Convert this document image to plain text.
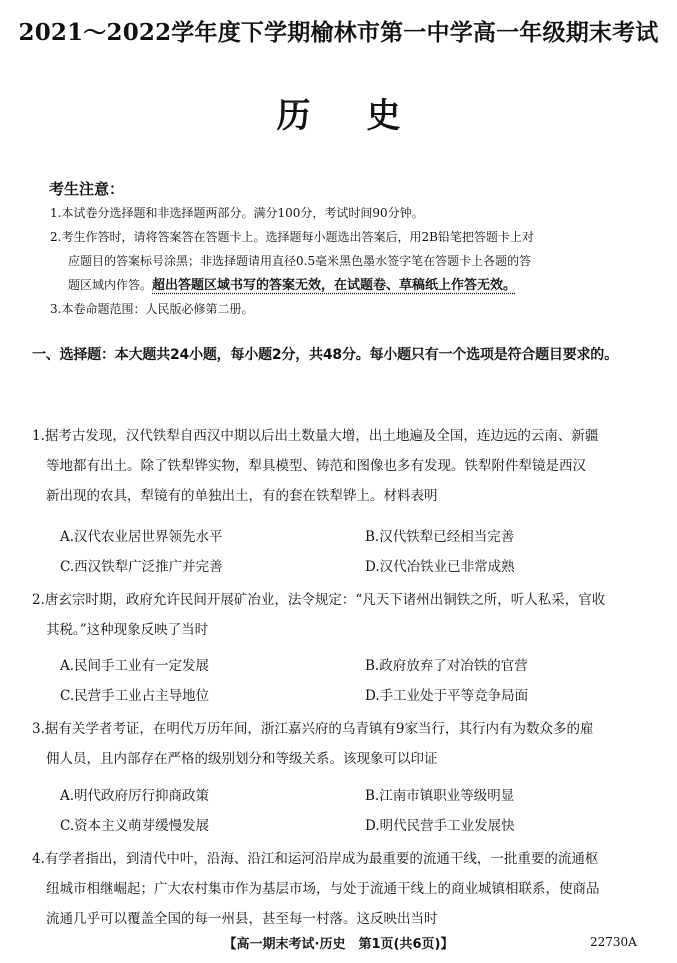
2021～2022学年度下学期榆林市第一中学高一年级期末考试
历史
考生注意：
1.本试卷分选择题和非选择题两部分。满分100分，考试时间90分钟。
2.考生作答时，请将答案答在答题卡上。选择题每小题选出答案后，用2B铅笔把答题卡上对
应题目的答案标号涂黑；非选择题请用直径0.5毫米黑色墨水签字笔在答题卡上各题的答
题区域内作答。超出答题区域书写的答案无效，在试题卷、草稿纸上作答无效。
3.本卷命题范围：人民版必修第二册。
一、选择题：本大题共24小题，每小题2分，共48分。每小题只有一个选项是符合题目要求的。
1.据考古发现，汉代铁犁自西汉中期以后出土数量大增，出土地遍及全国，连边远的云南、新疆
等地都有出土。除了铁犁铧实物，犁具模型、铸范和图像也多有发现。铁犁附件犁镜是西汉
新出现的农具，犁镜有的单独出土，有的套在铁犁铧上。材料表明
A.汉代农业居世界领先水平	B.汉代铁犁已经相当完善
C.西汉铁犁广泛推广并完善	D.汉代冶铁业已非常成熟
2.唐玄宗时期，政府允许民间开展矿冶业，法令规定：“凡天下诸州出铜铁之所，听人私采，官收
其税。”这种现象反映了当时
A.民间手工业有一定发展	B.政府放弃了对冶铁的官营
C.民营手工业占主导地位	D.手工业处于平等竞争局面
3.据有关学者考证，在明代万历年间，浙江嘉兴府的乌青镇有9家当行，其行内有为数众多的雇
佣人员，且内部存在严格的级别划分和等级关系。该现象可以印证
A.明代政府厉行抑商政策	B.江南市镇职业等级明显
C.资本主义萌芽缓慢发展	D.明代民营手工业发展快
4.有学者指出，到清代中叶，沿海、沿江和运河沿岸成为最重要的流通干线，一批重要的流通枢
纽城市相继崛起；广大农村集市作为基层市场，与处于流通干线上的商业城镇相联系，使商品
流通几乎可以覆盖全国的每一州县，甚至每一村落。这反映出当时
【高一期末考试·历史　第1页(共6页)】	22730A
